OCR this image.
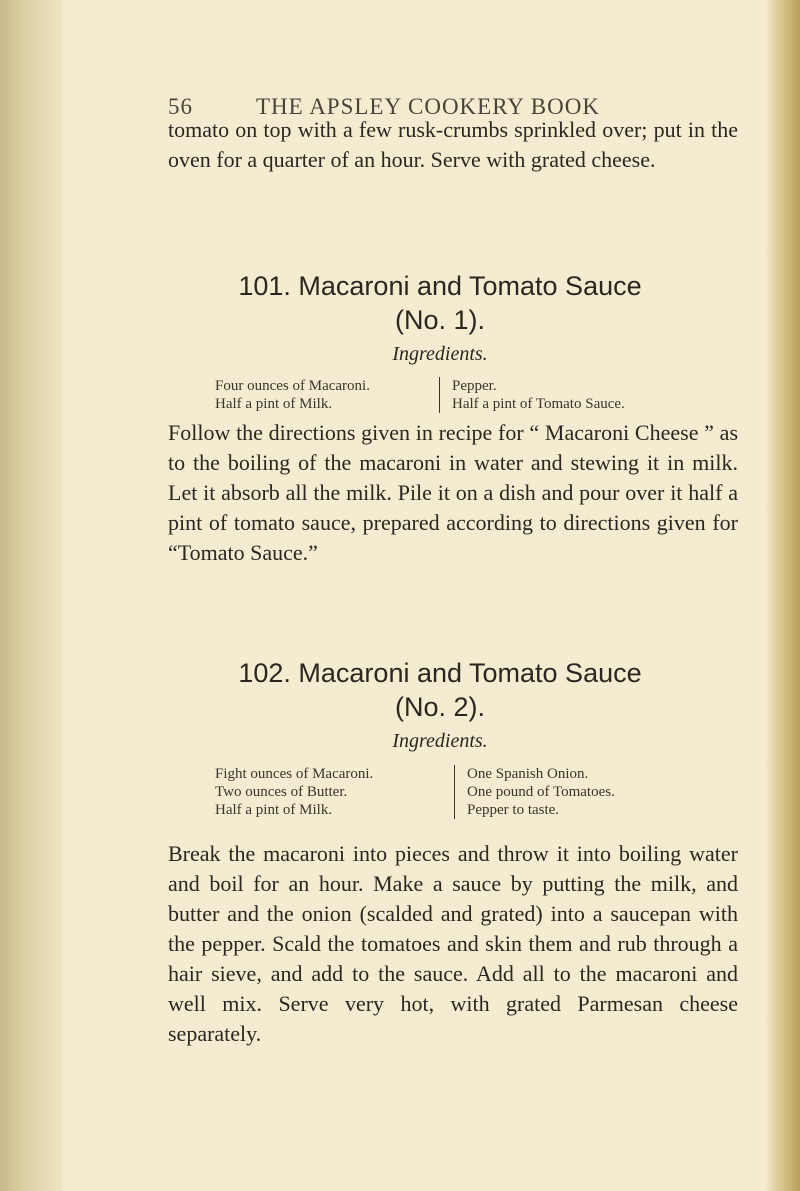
56	THE APSLEY COOKERY BOOK
tomato on top with a few rusk-crumbs sprinkled over; put in the oven for a quarter of an hour. Serve with grated cheese.
101. Macaroni and Tomato Sauce
(No. 1).
Ingredients.
Four ounces of Macaroni.
Half a pint of Milk.
Pepper.
Half a pint of Tomato Sauce.
Follow the directions given in recipe for “ Macaroni Cheese ” as to the boiling of the macaroni in water and stewing it in milk. Let it absorb all the milk. Pile it on a dish and pour over it half a pint of tomato sauce, prepared according to directions given for “Tomato Sauce.”
102. Macaroni and Tomato Sauce
(No. 2).
Ingredients.
Fight ounces of Macaroni.
Two ounces of Butter.
Half a pint of Milk.
One Spanish Onion.
One pound of Tomatoes.
Pepper to taste.
Break the macaroni into pieces and throw it into boiling water and boil for an hour. Make a sauce by putting the milk, and butter and the onion (scalded and grated) into a saucepan with the pepper. Scald the tomatoes and skin them and rub through a hair sieve, and add to the sauce. Add all to the macaroni and well mix. Serve very hot, with grated Parmesan cheese separately.
